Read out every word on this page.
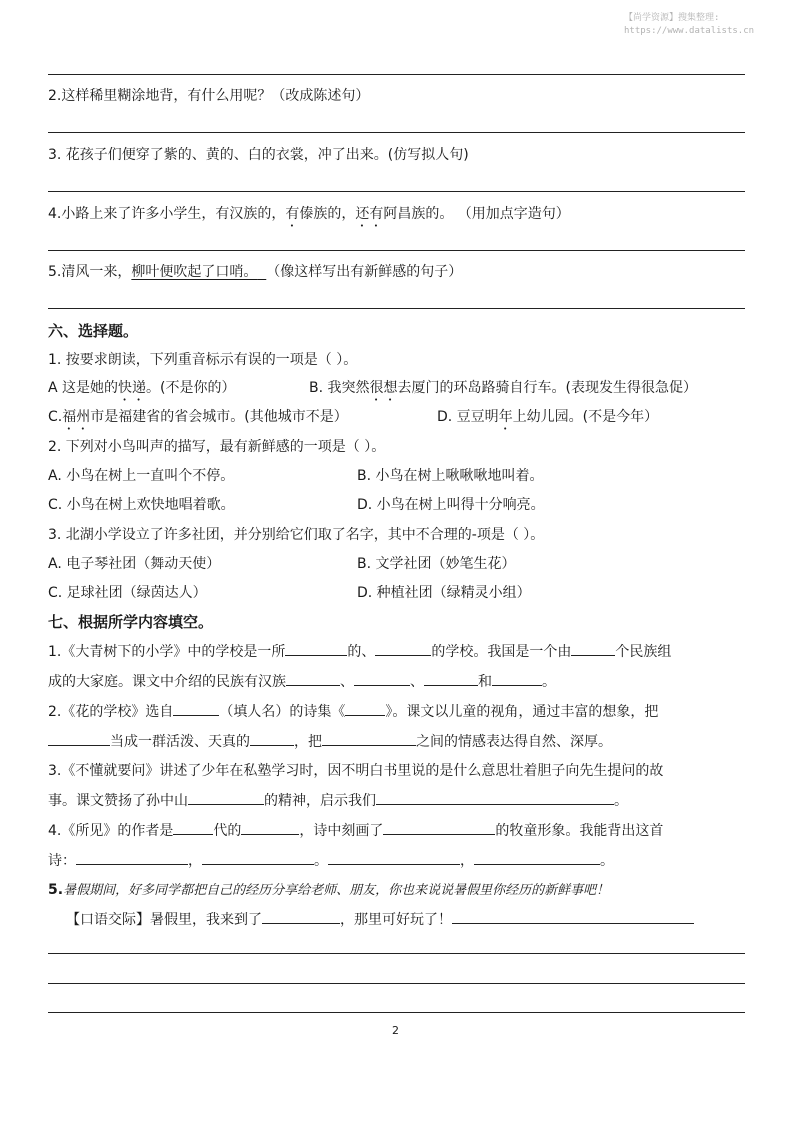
【尚学资源】搜集整理:
https://www.datalists.cn
2.这样稀里糊涂地背，有什么用呢？（改成陈述句）
3. 花孩子们便穿了紫的、黄的、白的衣裳，冲了出来。(仿写拟人句)
4.小路上来了许多小学生，有汉族的，有傣族的，还有阿昌族的。 （用加点字造句）
5.清风一来，柳叶便吹起了口哨。 （像这样写出有新鲜感的句子）
六、选择题。
1. 按要求朗读，下列重音标示有误的一项是（ ）。
A 这是她的快递。(不是你的）	B. 我突然很想去厦门的环岛路骑自行车。(表现发生得很急促）
C.福州市是福建省的省会城市。(其他城市不是）	D. 豆豆明年上幼儿园。(不是今年）
2. 下列对小鸟叫声的描写，最有新鲜感的一项是（ ）。
A. 小鸟在树上一直叫个不停。	B. 小鸟在树上啾啾啾地叫着。
C. 小鸟在树上欢快地唱着歌。	D. 小鸟在树上叫得十分响亮。
3. 北湖小学设立了许多社团，并分别给它们取了名字，其中不合理的-项是（ ）。
A. 电子琴社团（舞动天使）	B. 文学社团（妙笔生花）
C. 足球社团（绿茵达人）	D. 种植社团（绿精灵小组）
七、根据所学内容填空。
1.《大青树下的小学》中的学校是一所	的、	的学校。我国是一个由	个民族组
成的大家庭。课文中介绍的民族有汉族	、	、	和	。
2.《花的学校》选自	（填人名）的诗集《	》。课文以儿童的视角，通过丰富的想象，把
当成一群活泼、天真的	，把	之间的情感表达得自然、深厚。
3.《不懂就要问》讲述了少年在私塾学习时，因不明白书里说的是什么意思壮着胆子向先生提问的故
事。课文赞扬了孙中山	的精神，启示我们	。
4.《所见》的作者是	代的	，诗中刻画了	的牧童形象。我能背出这首
诗：	，	。	，	。
5.暑假期间，好多同学都把自己的经历分享给老师、朋友，你也来说说暑假里你经历的新鲜事吧！
【口语交际】暑假里，我来到了	，那里可好玩了！
2
